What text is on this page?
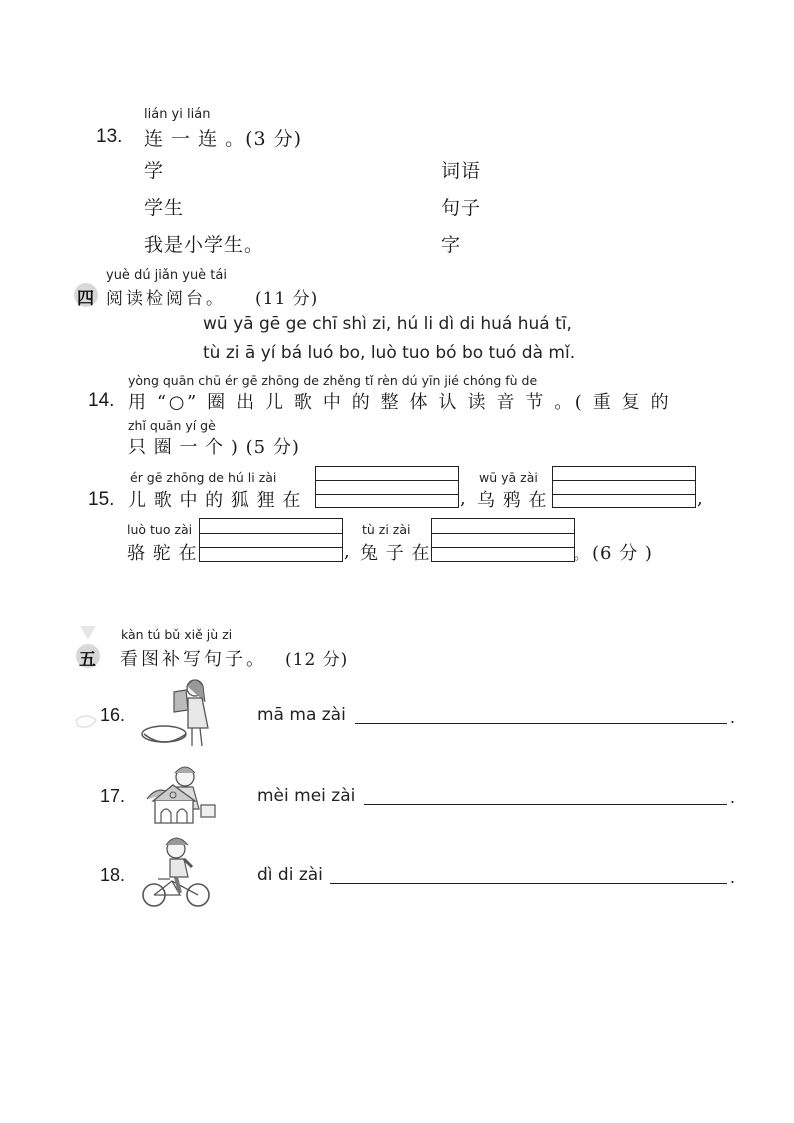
lián yi lián
13. 连 一 连 。(3 分)
学
学生
我是小学生。
词语
句子
字
yuè dú jiǎn yuè tái
四 阅读检阅台。 (11 分)
wū yā gē ge chī shì zi, hú li dì di huá huá tī,
tù zi ā yí bá luó bo, luò tuo bó bo tuó dà mǐ.
yòng quān chū ér gē zhōng de zhěng tǐ rèn dú yīn jié chóng fù de
14. 用 “○” 圈 出 儿 歌 中 的 整 体 认 读 音 节 。( 重 复 的
zhǐ quān yí gè
只 圈 一 个 ) (5 分)
ér gē zhōng de hú li zài
15. 儿 歌 中 的 狐 狸 在	,
wū yā zài
乌 鸦 在	,
luò tuo zài
骆 驼 在	,
tù zi zài
兔 子 在	。 (6 分 )
kàn tú bǔ xiě jù zi
五 看图补写句子。 (12 分)
16.	mā ma zài	.
17.	mèi mei zài	.
18.	dì di zài	.
